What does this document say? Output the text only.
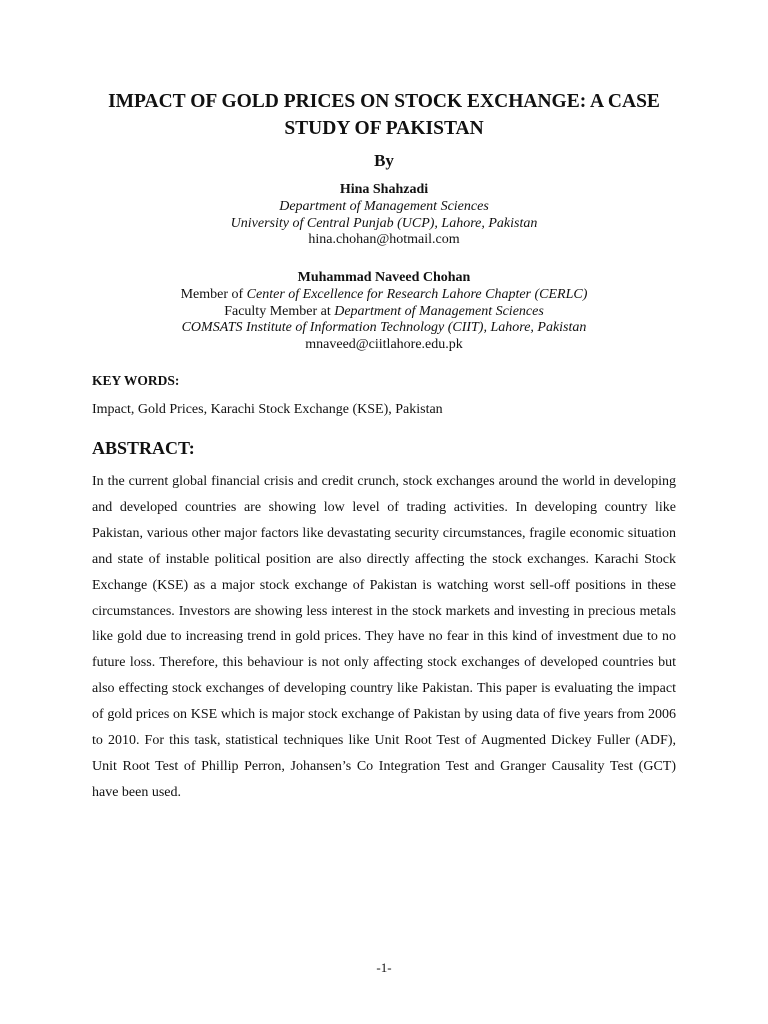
IMPACT OF GOLD PRICES ON STOCK EXCHANGE: A CASE STUDY OF PAKISTAN

By

Hina Shahzadi
Department of Management Sciences
University of Central Punjab (UCP), Lahore, Pakistan
hina.chohan@hotmail.com
Muhammad Naveed Chohan
Member of Center of Excellence for Research Lahore Chapter (CERLC)
Faculty Member at Department of Management Sciences
COMSATS Institute of Information Technology (CIIT), Lahore, Pakistan
mnaveed@ciitlahore.edu.pk

KEY WORDS:

Impact, Gold Prices, Karachi Stock Exchange (KSE), Pakistan

ABSTRACT:

In the current global financial crisis and credit crunch, stock exchanges around the world in developing and developed countries are showing low level of trading activities. In developing country like Pakistan, various other major factors like devastating security circumstances, fragile economic situation and state of instable political position are also directly affecting the stock exchanges. Karachi Stock Exchange (KSE) as a major stock exchange of Pakistan is watching worst sell-off positions in these circumstances. Investors are showing less interest in the stock markets and investing in precious metals like gold due to increasing trend in gold prices. They have no fear in this kind of investment due to no future loss. Therefore, this behaviour is not only affecting stock exchanges of developed countries but also effecting stock exchanges of developing country like Pakistan. This paper is evaluating the impact of gold prices on KSE which is major stock exchange of Pakistan by using data of five years from 2006 to 2010. For this task, statistical techniques like Unit Root Test of Augmented Dickey Fuller (ADF), Unit Root Test of Phillip Perron, Johansen’s Co Integration Test and Granger Causality Test (GCT) have been used.

-1-
